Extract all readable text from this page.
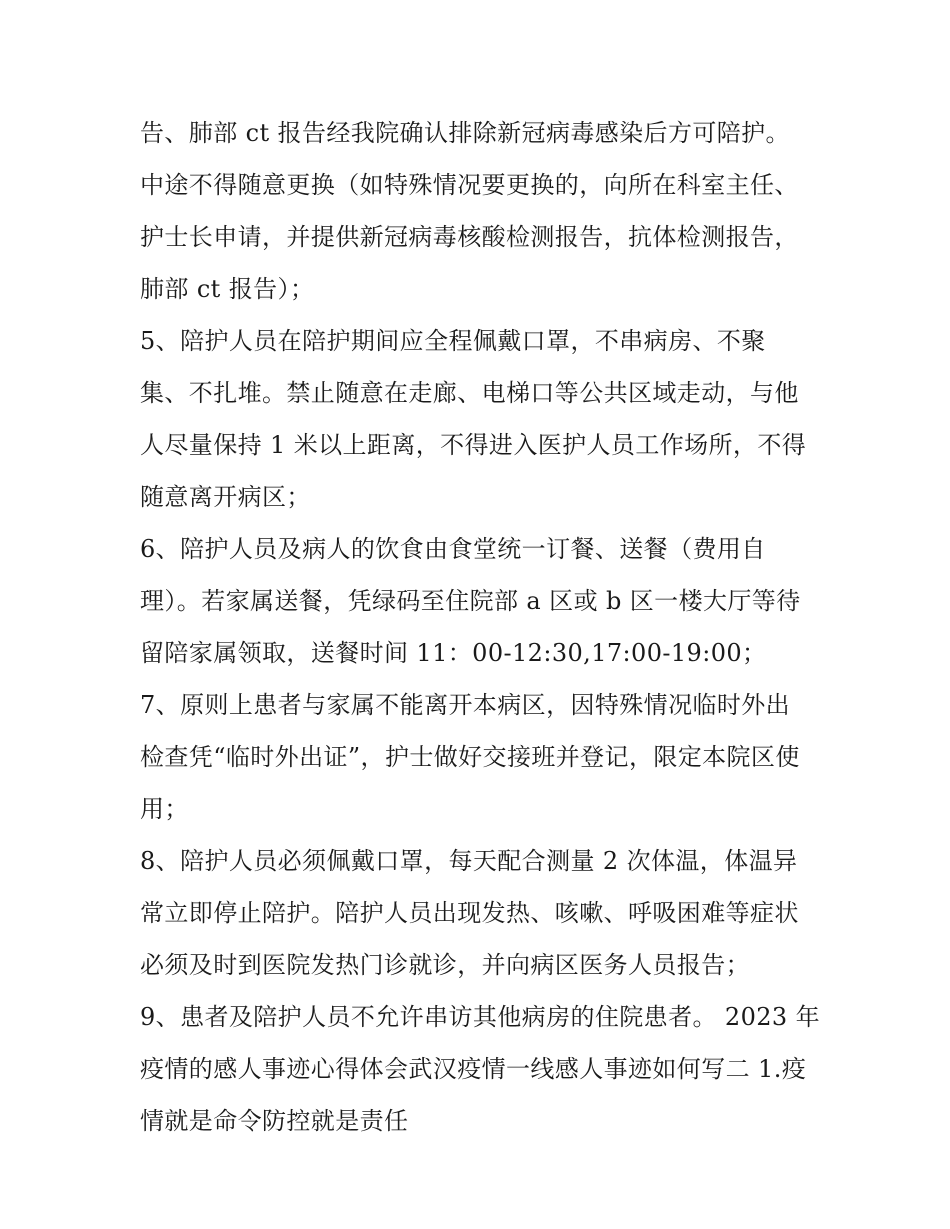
告、肺部 ct 报告经我院确认排除新冠病毒感染后方可陪护。
中途不得随意更换（如特殊情况要更换的，向所在科室主任、
护士长申请，并提供新冠病毒核酸检测报告，抗体检测报告，
肺部 ct 报告）；
5、陪护人员在陪护期间应全程佩戴口罩，不串病房、不聚
集、不扎堆。禁止随意在走廊、电梯口等公共区域走动，与他
人尽量保持 1 米以上距离，不得进入医护人员工作场所，不得
随意离开病区；
6、陪护人员及病人的饮食由食堂统一订餐、送餐（费用自
理）。若家属送餐，凭绿码至住院部 a 区或 b 区一楼大厅等待
留陪家属领取，送餐时间 11：00-12:30,17:00-19:00；
7、原则上患者与家属不能离开本病区，因特殊情况临时外出
检查凭“临时外出证”，护士做好交接班并登记，限定本院区使
用；
8、陪护人员必须佩戴口罩，每天配合测量 2 次体温，体温异
常立即停止陪护。陪护人员出现发热、咳嗽、呼吸困难等症状
必须及时到医院发热门诊就诊，并向病区医务人员报告；
9、患者及陪护人员不允许串访其他病房的住院患者。 2023 年
疫情的感人事迹心得体会武汉疫情一线感人事迹如何写二 1.疫
情就是命令防控就是责任
